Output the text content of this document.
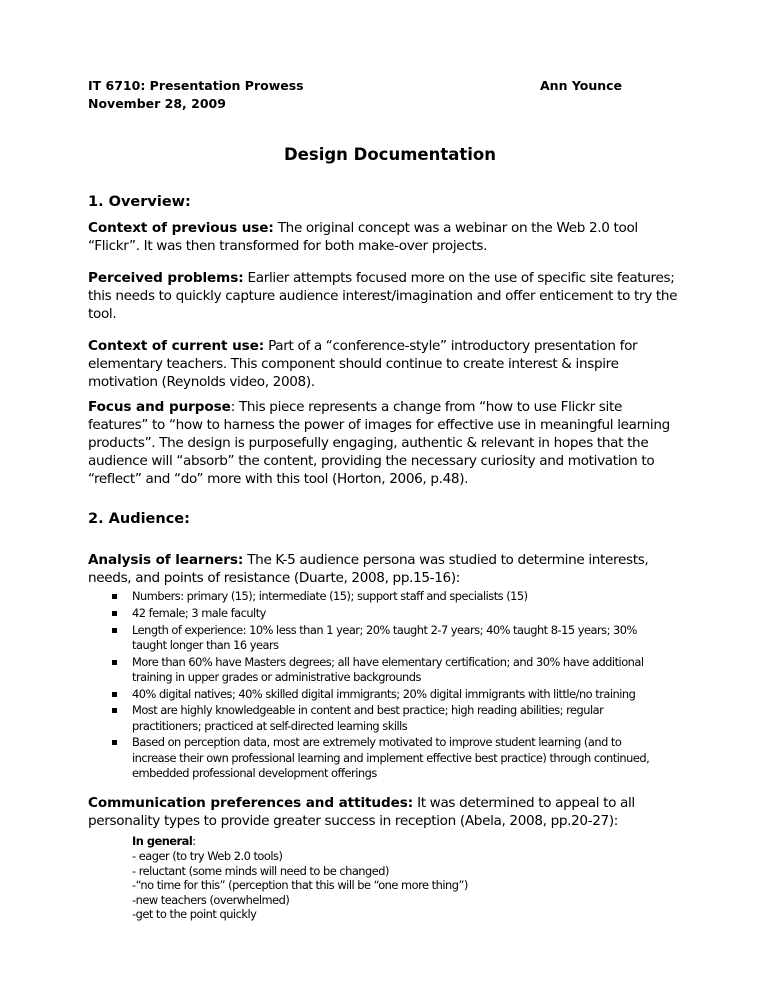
IT 6710: Presentation Prowess	Ann Younce
November 28, 2009
Design Documentation
1. Overview:
Context of previous use: The original concept was a webinar on the Web 2.0 tool
“Flickr”. It was then transformed for both make-over projects.
Perceived problems: Earlier attempts focused more on the use of specific site features;
this needs to quickly capture audience interest/imagination and offer enticement to try the
tool.
Context of current use: Part of a “conference-style” introductory presentation for
elementary teachers. This component should continue to create interest & inspire
motivation (Reynolds video, 2008).
Focus and purpose: This piece represents a change from “how to use Flickr site
features” to “how to harness the power of images for effective use in meaningful learning
products”. The design is purposefully engaging, authentic & relevant in hopes that the
audience will “absorb” the content, providing the necessary curiosity and motivation to
“reflect” and “do” more with this tool (Horton, 2006, p.48).
2. Audience:
Analysis of learners: The K-5 audience persona was studied to determine interests,
needs, and points of resistance (Duarte, 2008, pp.15-16):
Numbers: primary (15); intermediate (15); support staff and specialists (15)
42 female; 3 male faculty
Length of experience: 10% less than 1 year; 20% taught 2-7 years; 40% taught 8-15 years; 30%
taught longer than 16 years
More than 60% have Masters degrees; all have elementary certification; and 30% have additional
training in upper grades or administrative backgrounds
40% digital natives; 40% skilled digital immigrants; 20% digital immigrants with little/no training
Most are highly knowledgeable in content and best practice; high reading abilities; regular
practitioners; practiced at self-directed learning skills
Based on perception data, most are extremely motivated to improve student learning (and to
increase their own professional learning and implement effective best practice) through continued,
embedded professional development offerings
Communication preferences and attitudes: It was determined to appeal to all
personality types to provide greater success in reception (Abela, 2008, pp.20-27):
In general:
- eager (to try Web 2.0 tools)
- reluctant (some minds will need to be changed)
-“no time for this” (perception that this will be “one more thing”)
-new teachers (overwhelmed)
-get to the point quickly
